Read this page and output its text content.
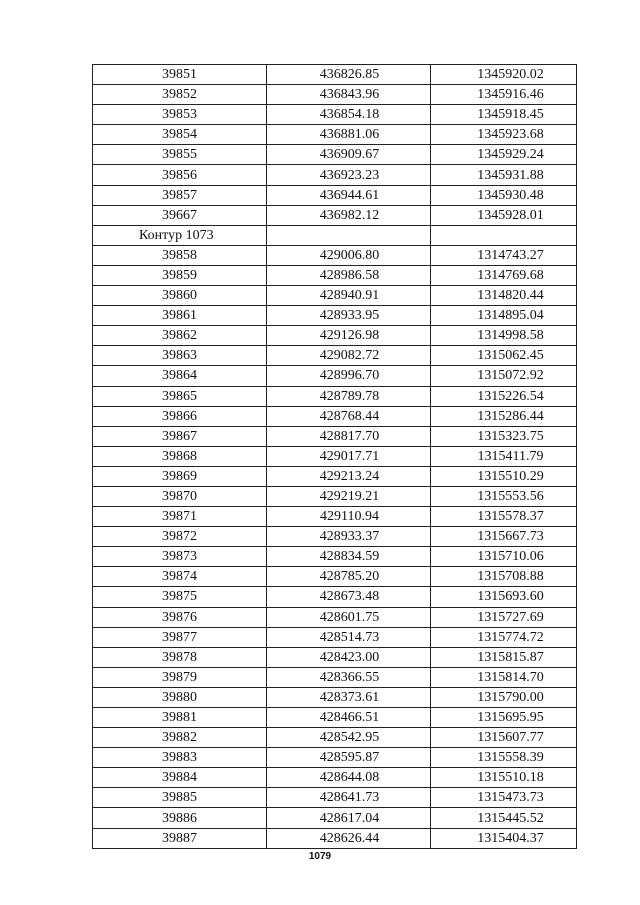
39851	436826.85	1345920.02
39852	436843.96	1345916.46
39853	436854.18	1345918.45
39854	436881.06	1345923.68
39855	436909.67	1345929.24
39856	436923.23	1345931.88
39857	436944.61	1345930.48
39667	436982.12	1345928.01
Контур 1073		
39858	429006.80	1314743.27
39859	428986.58	1314769.68
39860	428940.91	1314820.44
39861	428933.95	1314895.04
39862	429126.98	1314998.58
39863	429082.72	1315062.45
39864	428996.70	1315072.92
39865	428789.78	1315226.54
39866	428768.44	1315286.44
39867	428817.70	1315323.75
39868	429017.71	1315411.79
39869	429213.24	1315510.29
39870	429219.21	1315553.56
39871	429110.94	1315578.37
39872	428933.37	1315667.73
39873	428834.59	1315710.06
39874	428785.20	1315708.88
39875	428673.48	1315693.60
39876	428601.75	1315727.69
39877	428514.73	1315774.72
39878	428423.00	1315815.87
39879	428366.55	1315814.70
39880	428373.61	1315790.00
39881	428466.51	1315695.95
39882	428542.95	1315607.77
39883	428595.87	1315558.39
39884	428644.08	1315510.18
39885	428641.73	1315473.73
39886	428617.04	1315445.52
39887	428626.44	1315404.37
1079
